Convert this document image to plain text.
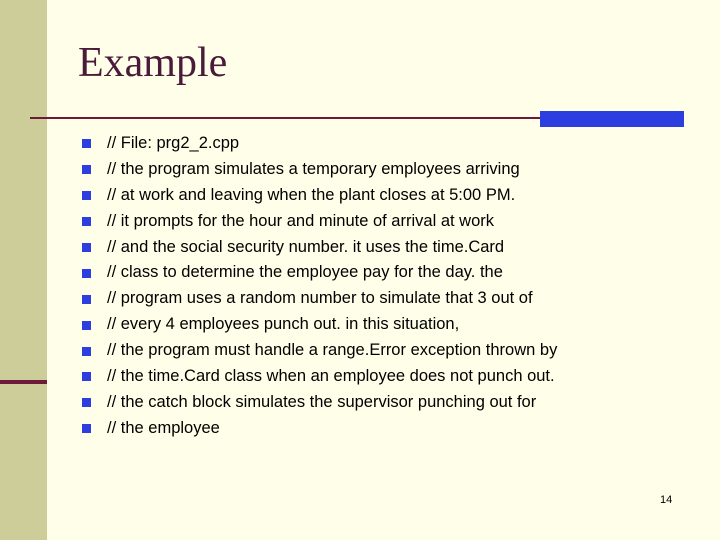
Example
// File: prg2_2.cpp
// the program simulates a temporary employees arriving
// at work and leaving when the plant closes at 5:00 PM.
// it prompts for the hour and minute of arrival at work
// and the social security number. it uses the time.Card
// class to determine the employee pay for the day. the
// program uses a random number to simulate that 3 out of
// every 4 employees punch out. in this situation,
// the program must handle a range.Error exception thrown by
// the time.Card class when an employee does not punch out.
// the catch block simulates the supervisor punching out for
// the employee
14
